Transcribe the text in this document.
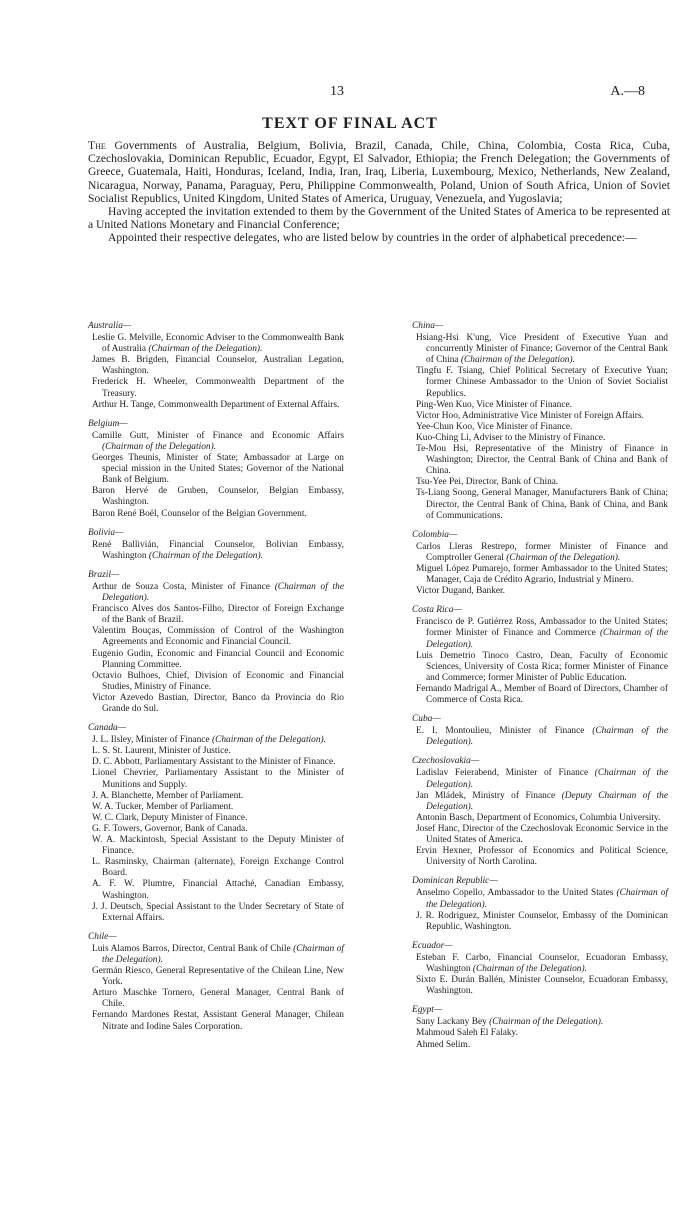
13	A.—8
TEXT OF FINAL ACT

The Governments of Australia, Belgium, Bolivia, Brazil, Canada, Chile, China, Colombia, Costa Rica, Cuba, Czechoslovakia, Dominican Republic, Ecuador, Egypt, El Salvador, Ethiopia; the French Delegation; the Governments of Greece, Guatemala, Haiti, Honduras, Iceland, India, Iran, Iraq, Liberia, Luxembourg, Mexico, Netherlands, New Zealand, Nicaragua, Norway, Panama, Paraguay, Peru, Philippine Commonwealth, Poland, Union of South Africa, Union of Soviet Socialist Republics, United Kingdom, United States of America, Uruguay, Venezuela, and Yugoslavia;

Having accepted the invitation extended to them by the Government of the United States of America to be represented at a United Nations Monetary and Financial Conference;

Appointed their respective delegates, who are listed below by countries in the order of alphabetical precedence:—

Australia—

Leslie G. Melville, Economic Adviser to the Commonwealth Bank of Australia (Chairman of the Delegation).

James B. Brigden, Financial Counselor, Australian Legation, Washington.

Frederick H. Wheeler, Commonwealth Department of the Treasury.

Arthur H. Tange, Commonwealth Department of External Affairs.

Belgium—

Camille Gutt, Minister of Finance and Economic Affairs (Chairman of the Delegation).

Georges Theunis, Minister of State; Ambassador at Large on special mission in the United States; Governor of the National Bank of Belgium.

Baron Hervé de Gruben, Counselor, Belgian Embassy, Washington.

Baron René Boël, Counselor of the Belgian Government.

Bolivia—

René Ballivián, Financial Counselor, Bolivian Embassy, Washington (Chairman of the Delegation).

Brazil—

Arthur de Souza Costa, Minister of Finance (Chairman of the Delegation).

Francisco Alves dos Santos-Filho, Director of Foreign Exchange of the Bank of Brazil.

Valentim Bouças, Commission of Control of the Washington Agreements and Economic and Financial Council.

Eugenio Gudin, Economic and Financial Council and Economic Planning Committee.

Octavio Bulhoes, Chief, Division of Economic and Financial Studies, Ministry of Finance.

Victor Azevedo Bastian, Director, Banco da Provincia do Rio Grande do Sul.

Canada—

J. L. Ilsley, Minister of Finance (Chairman of the Delegation).

L. S. St. Laurent, Minister of Justice.

D. C. Abbott, Parliamentary Assistant to the Minister of Finance.

Lionel Chevrier, Parliamentary Assistant to the Minister of Munitions and Supply.

J. A. Blanchette, Member of Parliament.

W. A. Tucker, Member of Parliament.

W. C. Clark, Deputy Minister of Finance.

G. F. Towers, Governor, Bank of Canada.

W. A. Mackintosh, Special Assistant to the Deputy Minister of Finance.

L. Rasminsky, Chairman (alternate), Foreign Exchange Control Board.

A. F. W. Plumtre, Financial Attaché, Canadian Embassy, Washington.

J. J. Deutsch, Special Assistant to the Under Secretary of State of External Affairs.

Chile—

Luis Alamos Barros, Director, Central Bank of Chile (Chairman of the Delegation).

Germán Riesco, General Representative of the Chilean Line, New York.

Arturo Maschke Tornero, General Manager, Central Bank of Chile.

Fernando Mardones Restat, Assistant General Manager, Chilean Nitrate and Iodine Sales Corporation.

China—

Hsiang-Hsi K'ung, Vice President of Executive Yuan and concurrently Minister of Finance; Governor of the Central Bank of China (Chairman of the Delegation).

Tingfu F. Tsiang, Chief Political Secretary of Executive Yuan; former Chinese Ambassador to the Union of Soviet Socialist Republics.

Ping-Wen Kuo, Vice Minister of Finance.

Victor Hoo, Administrative Vice Minister of Foreign Affairs.

Yee-Chun Koo, Vice Minister of Finance.

Kuo-Ching Li, Adviser to the Ministry of Finance.

Te-Mou Hsi, Representative of the Ministry of Finance in Washington; Director, the Central Bank of China and Bank of China.

Tsu-Yee Pei, Director, Bank of China.

Ts-Liang Soong, General Manager, Manufacturers Bank of China; Director, the Central Bank of China, Bank of China, and Bank of Communications.

Colombia—

Carlos Lleras Restrepo, former Minister of Finance and Comptroller General (Chairman of the Delegation).

Miguel López Pumarejo, former Ambassador to the United States; Manager, Caja de Crédito Agrario, Industrial y Minero.

Victor Dugand, Banker.

Costa Rica—

Francisco de P. Gutiérrez Ross, Ambassador to the United States; former Minister of Finance and Commerce (Chairman of the Delegation).

Luis Demetrio Tinoco Castro, Dean, Faculty of Economic Sciences, University of Costa Rica; former Minister of Finance and Commerce; former Minister of Public Education.

Fernando Madrigal A., Member of Board of Directors, Chamber of Commerce of Costa Rica.

Cuba—

E. I. Montoulieu, Minister of Finance (Chairman of the Delegation).

Czechoslovakia—

Ladislav Feierabend, Minister of Finance (Chairman of the Delegation).

Jan Mládek, Ministry of Finance (Deputy Chairman of the Delegation).

Antonin Basch, Department of Economics, Columbia University.

Josef Hanc, Director of the Czechoslovak Economic Service in the United States of America.

Ervin Hexner, Professor of Economics and Political Science, University of North Carolina.

Dominican Republic—

Anselmo Copello, Ambassador to the United States (Chairman of the Delegation).

J. R. Rodriguez, Minister Counselor, Embassy of the Dominican Republic, Washington.

Ecuador—

Esteban F. Carbo, Financial Counselor, Ecuadoran Embassy, Washington (Chairman of the Delegation).

Sixto E. Durán Ballén, Minister Counselor, Ecuadoran Embassy, Washington.

Egypt—

Sany Lackany Bey (Chairman of the Delegation).

Mahmoud Saleh El Falaky.

Ahmed Selim.
